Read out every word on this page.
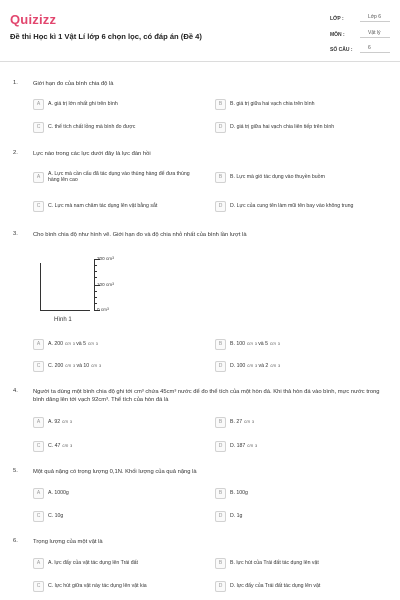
Quizizz
Đề thi Học kì 1 Vật Lí lớp 6 chọn lọc, có đáp án (Đề 4)
LỚP :	Lớp 6
MÔN :	Vật lý
SỐ CÂU :	6
1.	Giới hạn đo của bình chia độ là
A	A. giá trị lớn nhất ghi trên bình	B	B. giá trị giữa hai vạch chia trên bình
C	C. thể tích chất lỏng mà bình đo được	D	D. giá trị giữa hai vạch chia liên tiếp trên bình
2.	Lực nào trong các lực dưới đây là lực đàn hồi
A
A. Lực mà cần cẩu đã tác dụng vào thùng hàng để đưa thùng hàng lên cao	B	B. Lực mà gió tác dụng vào thuyền buồm
C	C. Lực mà nam châm tác dụng lên vật bằng sắt	D	D. Lực của cung tên làm mũi tên bay vào không trung
3.	Cho bình chia độ như hình vẽ. Giới hạn đo và độ chia nhỏ nhất của bình lần lượt là
200 $cm^3$
100 $cm^3$
0 $cm^3$
Hình 1
A	A. 200 cm $^3$ và 5 cm $^3$	B	B. 100 cm $^3$ và 5 cm $^3$
C	C. 200 cm $^3$ và 10 cm $^3$	D	D. 100 cm $^3$ và 2 cm $^3$
4.	Người ta dùng một bình chia độ ghi tới cm³ chứa 45cm³ nước để đo thể tích của một hòn đá. Khi thả hòn đá vào bình, mực nước trong bình dâng lên tới vạch 92cm³. Thể tích của hòn đá là
A	A. 92 cm $^3$	B	B. 27 cm $^3$
C	C. 47 cm $^3$	D	D. 187 cm $^3$
5.	Một quả nặng có trọng lượng 0,1N. Khối lượng của quả nặng là
A	A. 1000g	B	B. 100g
C	C. 10g	D	D. 1g
6.	Trọng lượng của một vật là
A	A. lực đẩy của vật tác dụng lên Trái đất	B	B. lực hút của Trái đất tác dụng lên vật
C	C. lực hút giữa vật này tác dụng lên vật kia	D	D. lực đẩy của Trái đất tác dụng lên vật
